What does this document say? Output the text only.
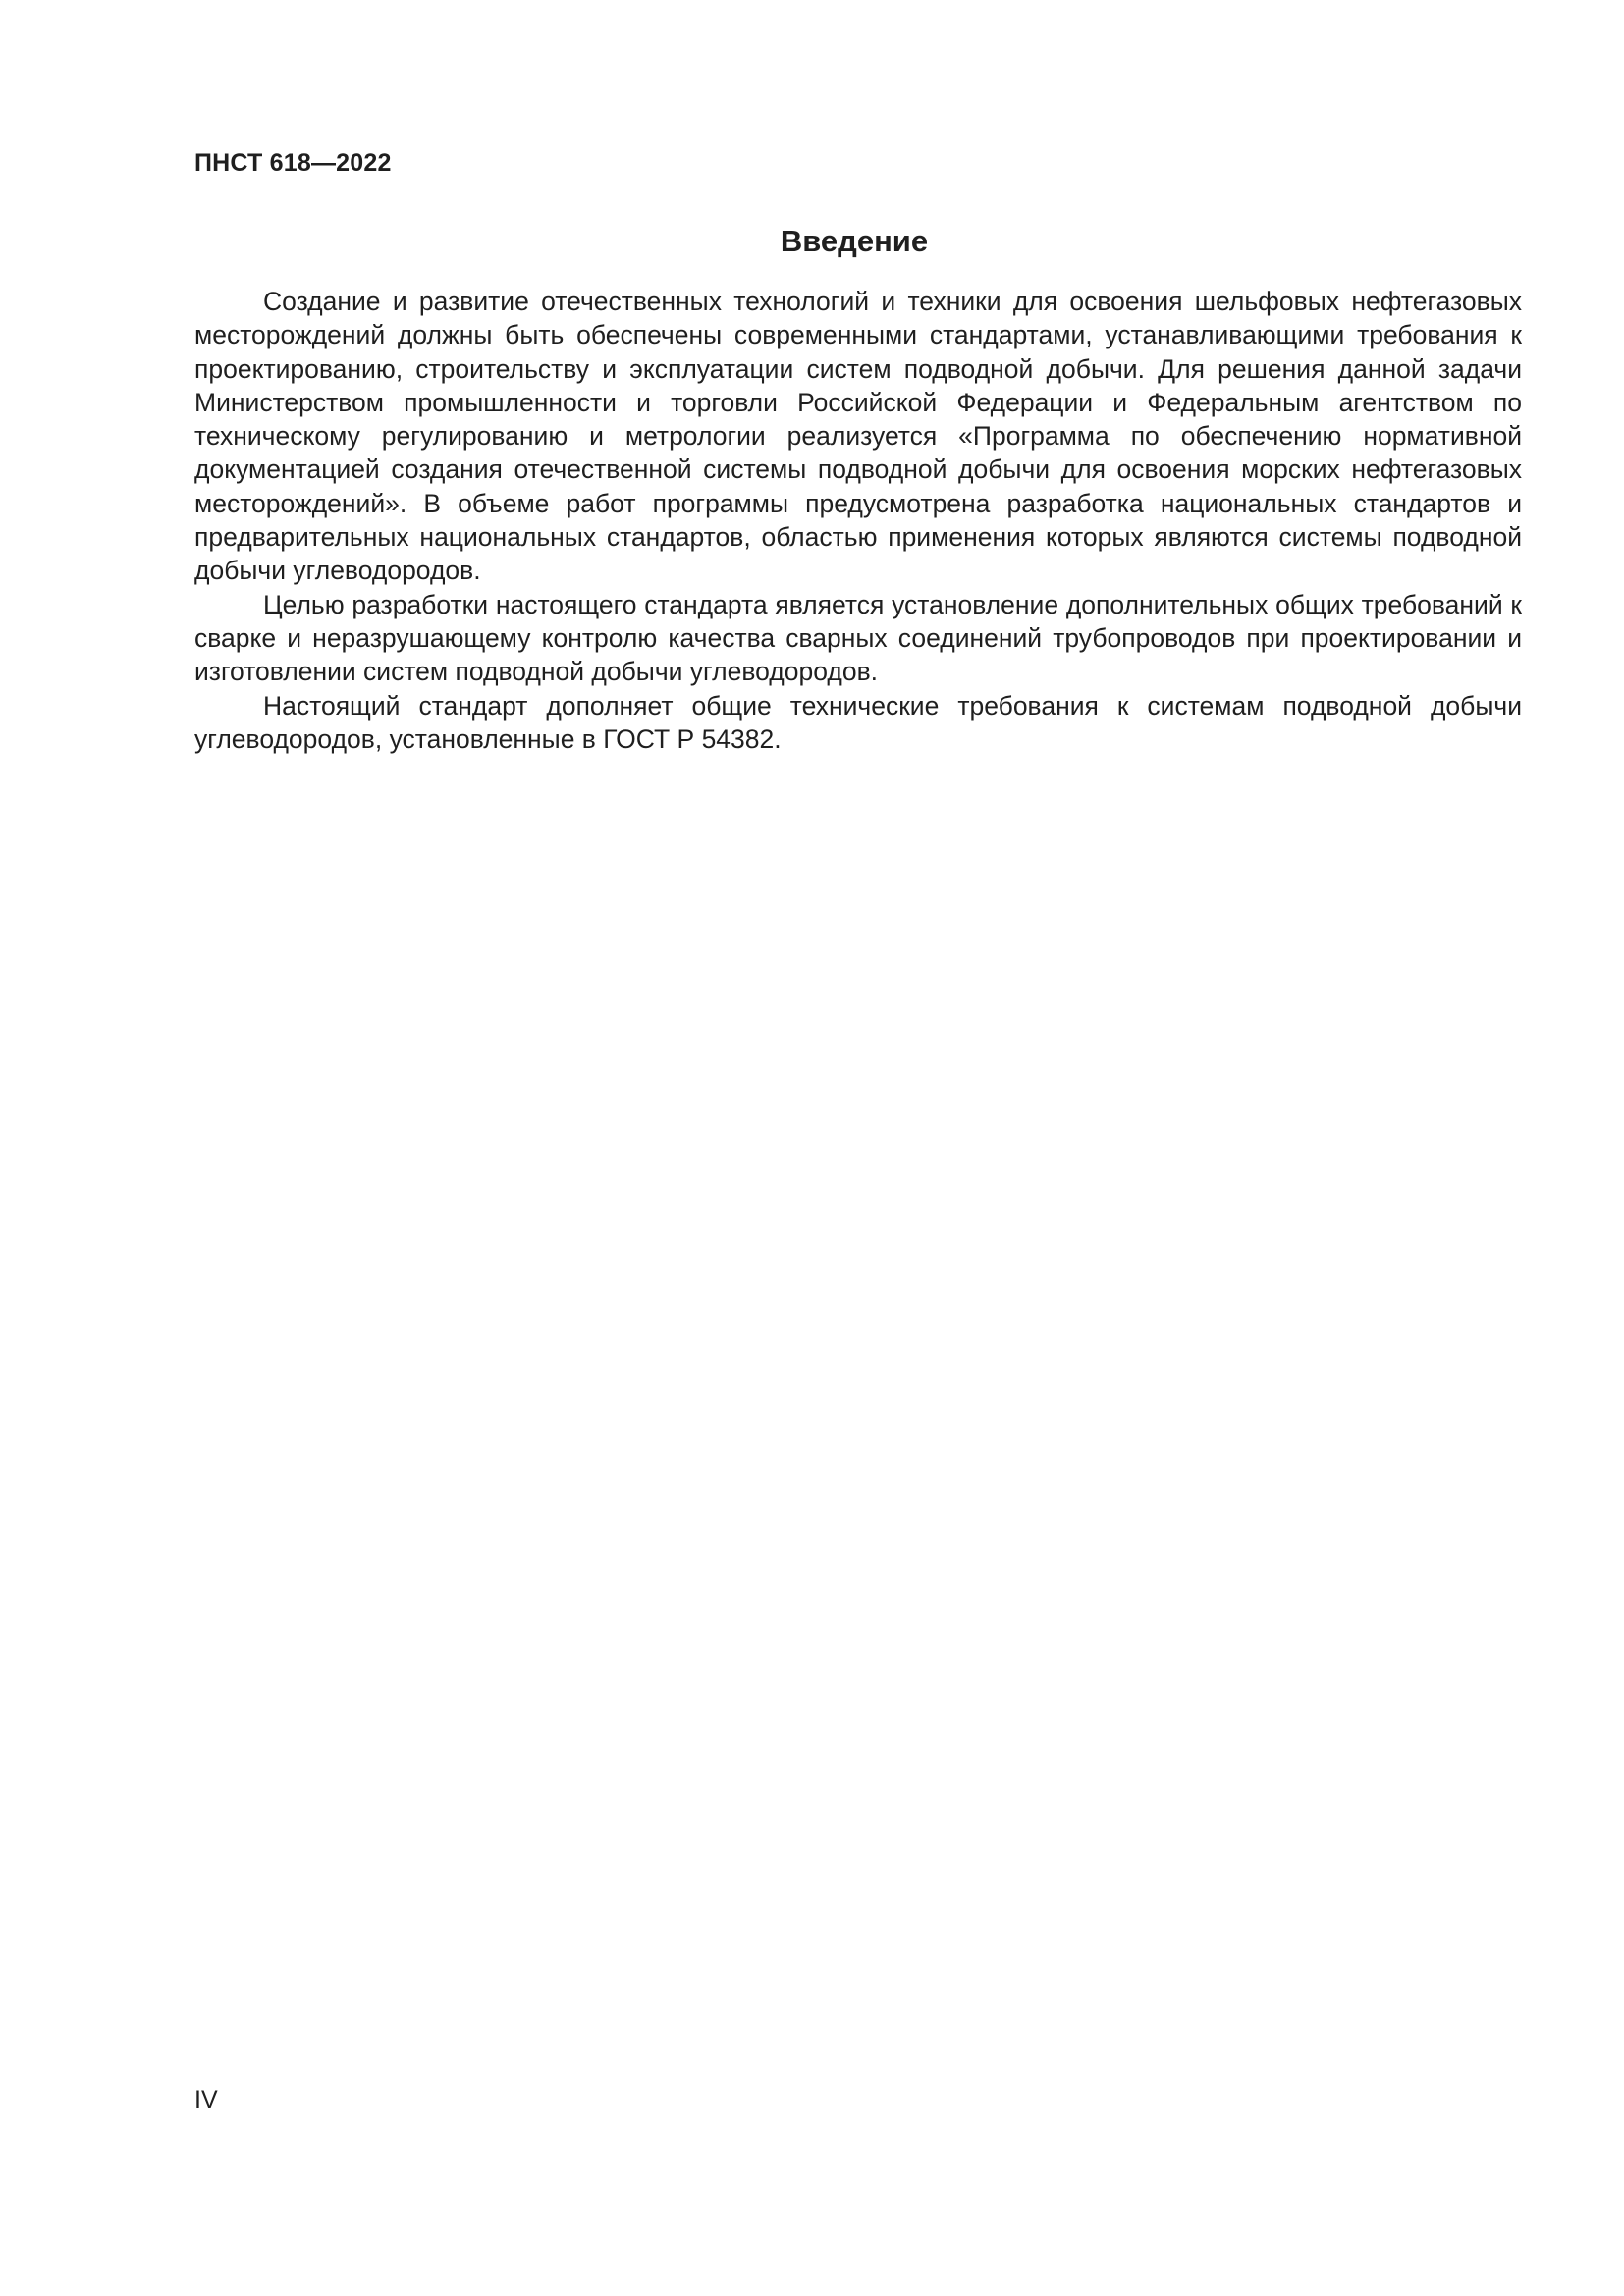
ПНСТ 618—2022
Введение

Создание и развитие отечественных технологий и техники для освоения шельфовых нефтегазовых месторождений должны быть обеспечены современными стандартами, устанавливающими требования к проектированию, строительству и эксплуатации систем подводной добычи. Для решения данной задачи Министерством промышленности и торговли Российской Федерации и Федеральным агентством по техническому регулированию и метрологии реализуется «Программа по обеспечению нормативной документацией создания отечественной системы подводной добычи для освоения морских нефтегазовых месторождений». В объеме работ программы предусмотрена разработка национальных стандартов и предварительных национальных стандартов, областью применения которых являются системы подводной добычи углеводородов.

Целью разработки настоящего стандарта является установление дополнительных общих требований к сварке и неразрушающему контролю качества сварных соединений трубопроводов при проектировании и изготовлении систем подводной добычи углеводородов.

Настоящий стандарт дополняет общие технические требования к системам подводной добычи углеводородов, установленные в ГОСТ Р 54382.

IV
